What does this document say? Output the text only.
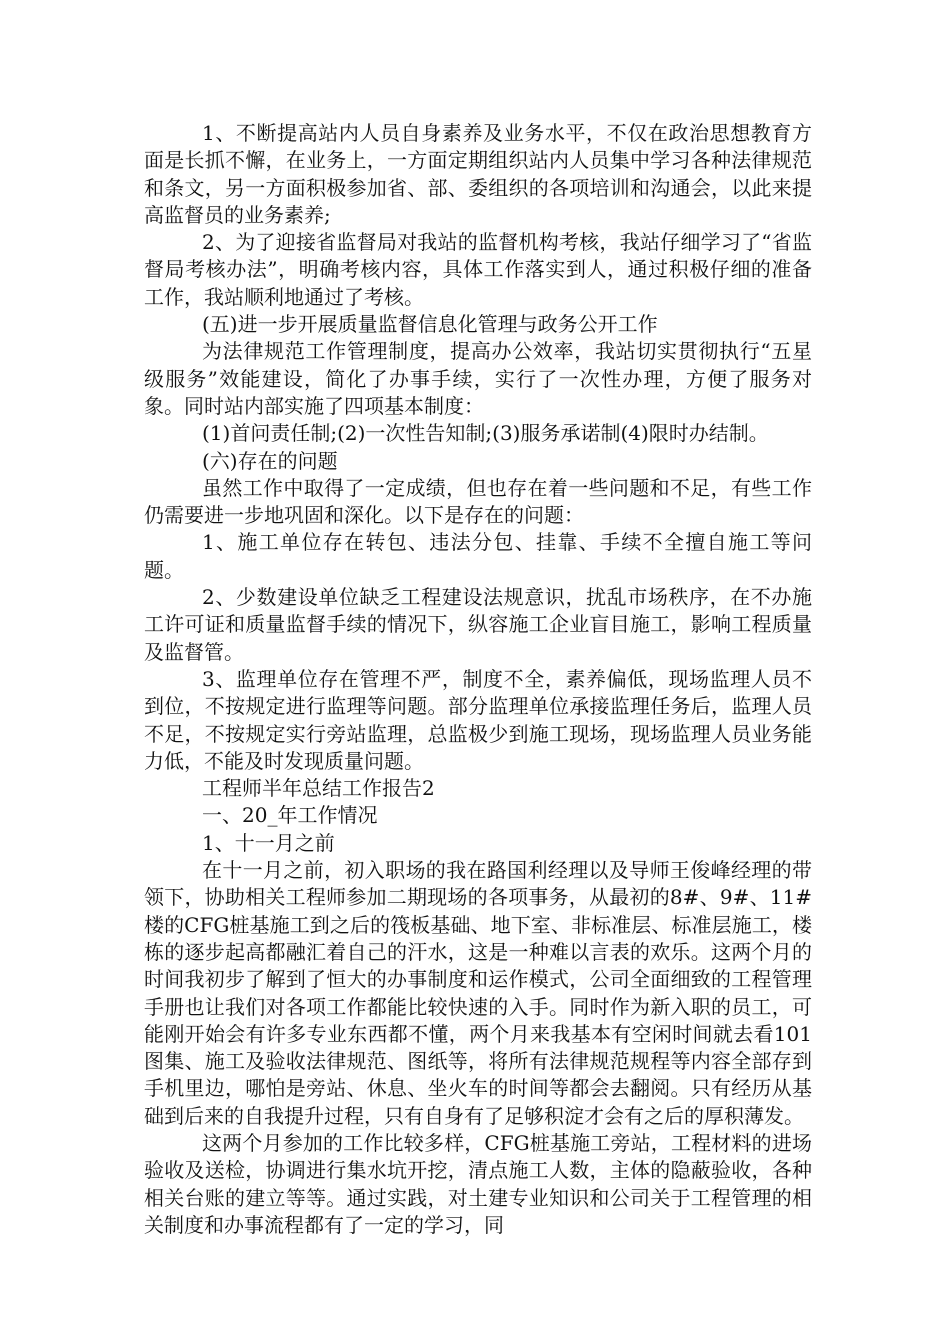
1、不断提高站内人员自身素养及业务水平，不仅在政治思想教育方面是长抓不懈，在业务上，一方面定期组织站内人员集中学习各种法律规范和条文，另一方面积极参加省、部、委组织的各项培训和沟通会，以此来提高监督员的业务素养;

2、为了迎接省监督局对我站的监督机构考核，我站仔细学习了“省监督局考核办法”，明确考核内容，具体工作落实到人，通过积极仔细的准备工作，我站顺利地通过了考核。

(五)进一步开展质量监督信息化管理与政务公开工作

为法律规范工作管理制度，提高办公效率，我站切实贯彻执行“五星级服务”效能建设，简化了办事手续，实行了一次性办理，方便了服务对象。同时站内部实施了四项基本制度：

(1)首问责任制;(2)一次性告知制;(3)服务承诺制(4)限时办结制。

(六)存在的问题

虽然工作中取得了一定成绩，但也存在着一些问题和不足，有些工作仍需要进一步地巩固和深化。以下是存在的问题：

1、施工单位存在转包、违法分包、挂靠、手续不全擅自施工等问题。

2、少数建设单位缺乏工程建设法规意识，扰乱市场秩序，在不办施工许可证和质量监督手续的情况下，纵容施工企业盲目施工，影响工程质量及监督管。

3、监理单位存在管理不严，制度不全，素养偏低，现场监理人员不到位，不按规定进行监理等问题。部分监理单位承接监理任务后，监理人员不足，不按规定实行旁站监理，总监极少到施工现场，现场监理人员业务能力低，不能及时发现质量问题。

工程师半年总结工作报告2

一、20_年工作情况

1、十一月之前

在十一月之前，初入职场的我在路国利经理以及导师王俊峰经理的带领下，协助相关工程师参加二期现场的各项事务，从最初的8#、9#、11#楼的CFG桩基施工到之后的筏板基础、地下室、非标准层、标准层施工，楼栋的逐步起高都融汇着自己的汗水，这是一种难以言表的欢乐。这两个月的时间我初步了解到了恒大的办事制度和运作模式，公司全面细致的工程管理手册也让我们对各项工作都能比较快速的入手。同时作为新入职的员工，可能刚开始会有许多专业东西都不懂，两个月来我基本有空闲时间就去看101图集、施工及验收法律规范、图纸等，将所有法律规范规程等内容全部存到手机里边，哪怕是旁站、休息、坐火车的时间等都会去翻阅。只有经历从基础到后来的自我提升过程，只有自身有了足够积淀才会有之后的厚积薄发。

这两个月参加的工作比较多样，CFG桩基施工旁站，工程材料的进场验收及送检，协调进行集水坑开挖，清点施工人数，主体的隐蔽验收，各种相关台账的建立等等。通过实践，对土建专业知识和公司关于工程管理的相关制度和办事流程都有了一定的学习，同
